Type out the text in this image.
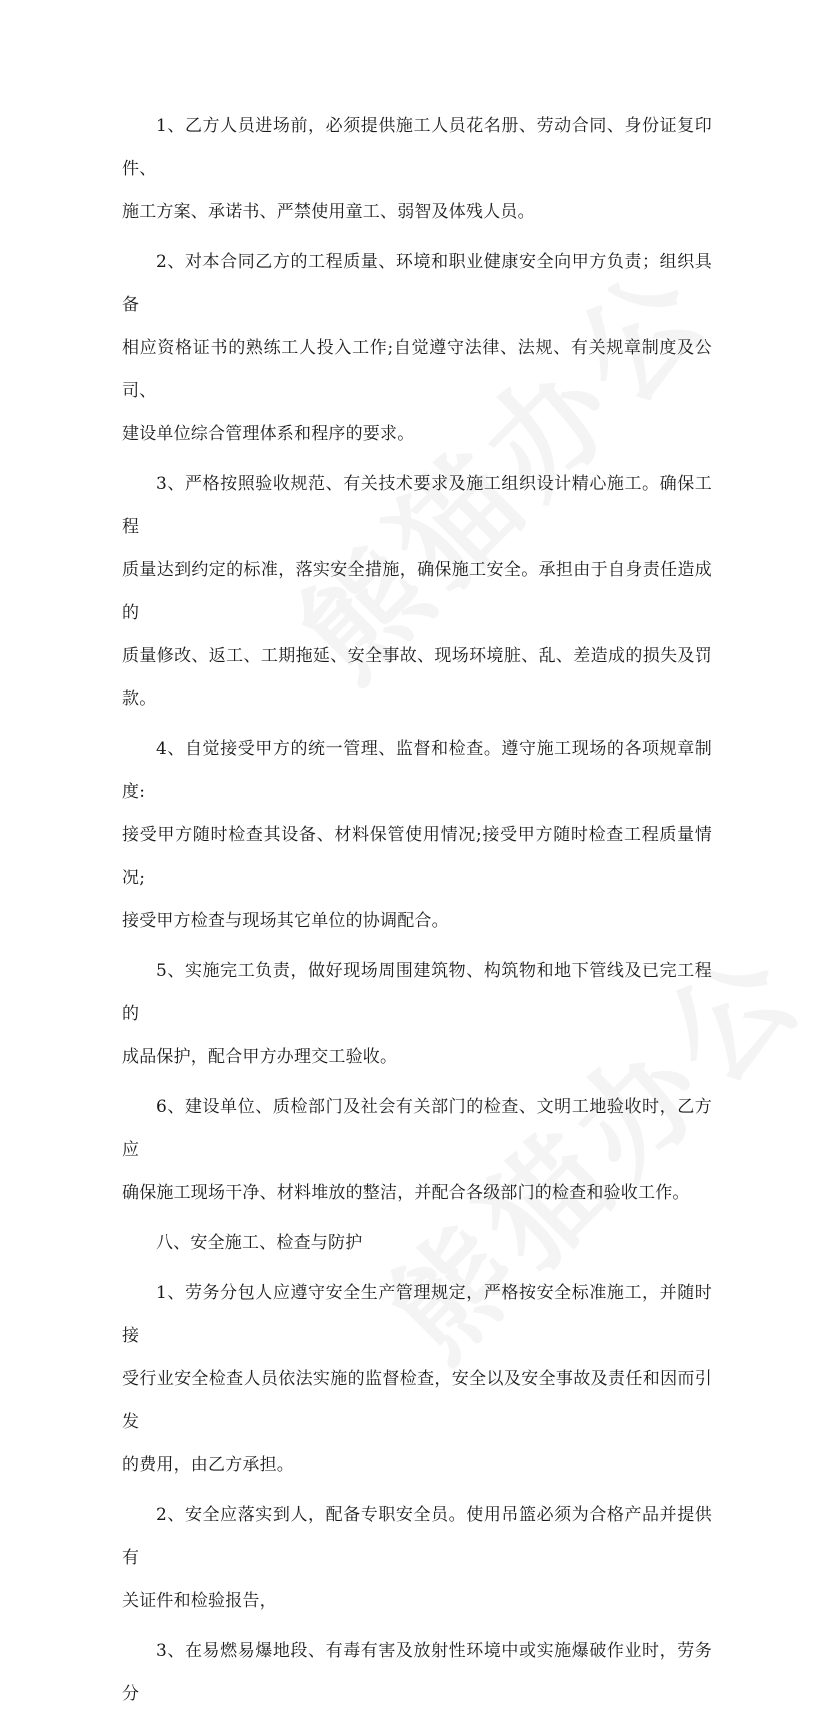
1、乙方人员进场前，必须提供施工人员花名册、劳动合同、身份证复印件、
施工方案、承诺书、严禁使用童工、弱智及体残人员。

2、对本合同乙方的工程质量、环境和职业健康安全向甲方负责；组织具备
相应资格证书的熟练工人投入工作;自觉遵守法律、法规、有关规章制度及公司、
建设单位综合管理体系和程序的要求。

3、严格按照验收规范、有关技术要求及施工组织设计精心施工。确保工程
质量达到约定的标准，落实安全措施，确保施工安全。承担由于自身责任造成的
质量修改、返工、工期拖延、安全事故、现场环境脏、乱、差造成的损失及罚款。

4、自觉接受甲方的统一管理、监督和检查。遵守施工现场的各项规章制度:
接受甲方随时检查其设备、材料保管使用情况;接受甲方随时检查工程质量情况;
接受甲方检查与现场其它单位的协调配合。

5、实施完工负责，做好现场周围建筑物、构筑物和地下管线及已完工程的
成品保护，配合甲方办理交工验收。

6、建设单位、质检部门及社会有关部门的检查、文明工地验收时，乙方应
确保施工现场干净、材料堆放的整洁，并配合各级部门的检查和验收工作。

八、安全施工、检查与防护

1、劳务分包人应遵守安全生产管理规定，严格按安全标准施工，并随时接
受行业安全检查人员依法实施的监督检查，安全以及安全事故及责任和因而引发
的费用，由乙方承担。

2、安全应落实到人，配备专职安全员。使用吊篮必须为合格产品并提供有
关证件和检验报告，

3、在易燃易爆地段、有毒有害及放射性环境中或实施爆破作业时，劳务分
